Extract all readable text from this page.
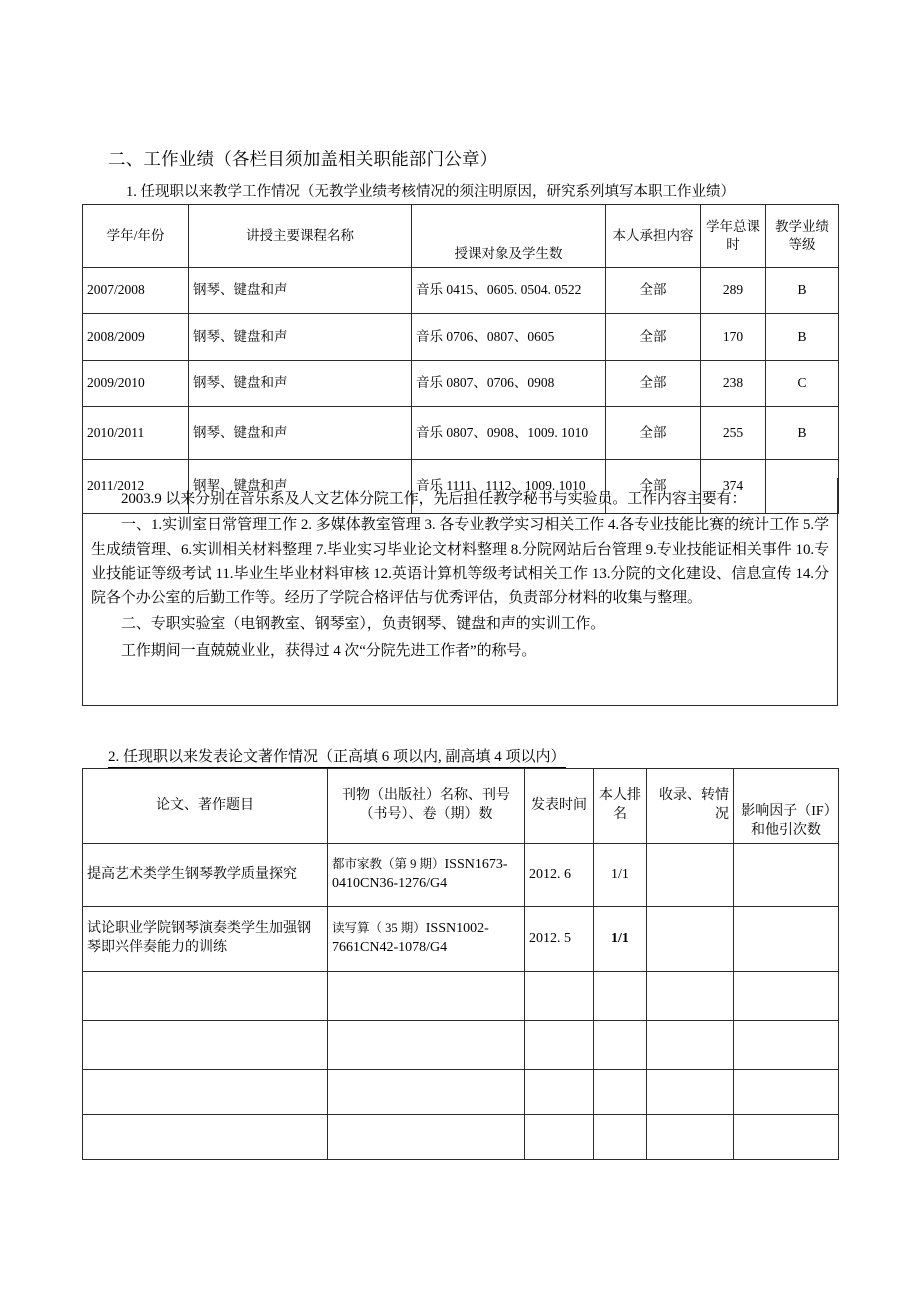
二、工作业绩（各栏目须加盖相关职能部门公章）
1. 任现职以来教学工作情况（无教学业绩考核情况的须注明原因，研究系列填写本职工作业绩）
学年/年份	讲授主要课程名称	授课对象及学生数	本人承担内容	学年总课时	教学业绩等级
2007/2008	钢琴、键盘和声	音乐 0415、0605. 0504. 0522	全部	289	B
2008/2009	钢琴、键盘和声	音乐 0706、0807、0605	全部	170	B
2009/2010	钢琴、键盘和声	音乐 0807、0706、0908	全部	238	C
2010/2011	钢琴、键盘和声	音乐 0807、0908、1009. 1010	全部	255	B
2011/2012	钢挈、键盘和声	音乐 1111、1112、1009. 1010	全部	374	

2003.9 以来分别在音乐系及人文艺体分院工作，先后担任教学秘书与实验员。工作内容主要有：

一、1.实训室日常管理工作 2. 多媒体教室管理 3. 各专业教学实习相关工作 4.各专业技能比赛的统计工作 5.学生成绩管理、6.实训相关材料整理 7.毕业实习毕业论文材料整理 8.分院网站后台管理 9.专业技能证相关事件 10.专业技能证等级考试 11.毕业生毕业材料审核 12.英语计算机等级考试相关工作 13.分院的文化建设、信息宣传 14.分院各个办公室的后勤工作等。经历了学院合格评估与优秀评估，负责部分材料的收集与整理。

二、专职实验室（电钢教室、钢琴室），负责钢琴、键盘和声的实训工作。

工作期间一直兢兢业业，获得过 4 次“分院先进工作者”的称号。

2. 任现职以来发表论文著作情况（正高填 6 项以内, 副高填 4 项以内）
论文、著作题目	刊物（出版社）名称、刊号（书号）、卷（期）数	发表时间	本人排名	收录、转情况	影响因子（IF）和他引次数
提高艺术类学生钢琴教学质量探究	都市家教（第 9 期）ISSN1673-0410CN36-1276/G4	2012. 6	1/1		
试论职业学院钢琴演奏类学生加强钢琴即兴伴奏能力的训练	读写算（ 35 期）ISSN1002-7661CN42-1078/G4	2012. 5	1/1		
